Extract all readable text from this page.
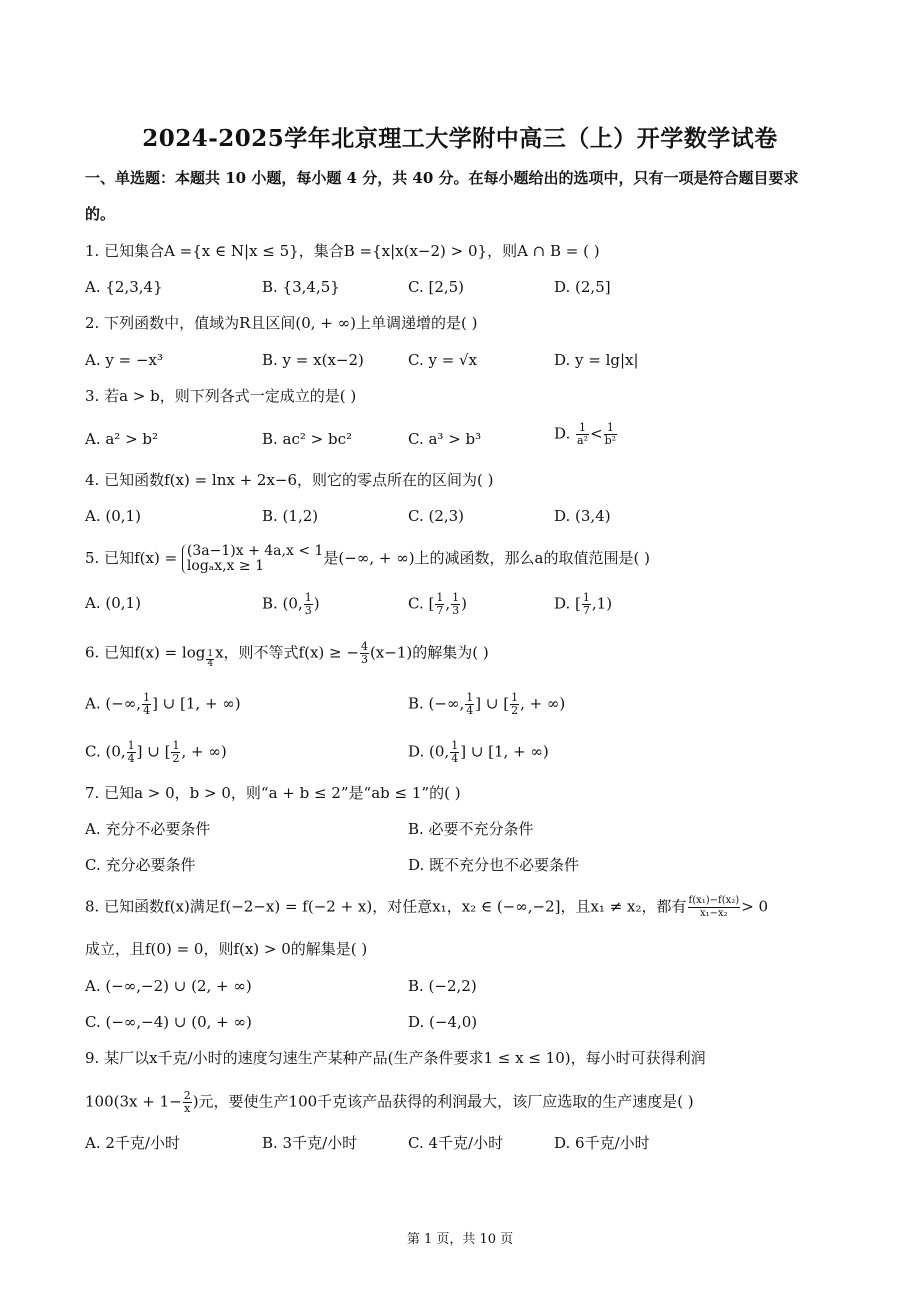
2024-2025学年北京理工大学附中高三（上）开学数学试卷
一、单选题：本题共 10 小题，每小题 4 分，共 40 分。在每小题给出的选项中，只有一项是符合题目要求
的。
1. 已知集合A ={x ∈ N|x ≤ 5}，集合B ={x|x(x−2) > 0}，则A ∩ B = ( )
A. {2,3,4}	B. {3,4,5}	C. [2,5)	D. (2,5]
2. 下列函数中，值域为R且区间(0, + ∞)上单调递增的是( )
A. y = −x³	B. y = x(x−2)	C. y = √x	D. y = lg|x|
3. 若a > b，则下列各式一定成立的是( )
A. a² > b²	B. ac² > bc²	C. a³ > b³	D. $\frac{1}{\text{a²}} < \frac{1}{\text{b²}}$
4. 已知函数f(x) = lnx + 2x−6，则它的零点所在的区间为( )
A. (0,1)	B. (1,2)	C. (2,3)	D. (3,4)
5. 已知f(x) = (3a−1)x + 4a,x < 1
logₐx,x ≥ 1	是(−∞, + ∞)上的减函数，那么a的取值范围是( )
A. (0,1)	B. (0, $\frac{1}{3}$ )	C. [ $\frac{1}{7}$ , $\frac{1}{3}$ )	D. [ $\frac{1}{7} ,1$)
6. 已知$f(x) = \log \frac{1}{4}$ x，则不等式f(x) ≥ − $\frac{4}{3} (x-1)$的解集为( )
A. (−∞, $\frac{1}{4}$ ] ∪ [1, + ∞)	B. (−∞, $\frac{1}{4}$ ] ∪ [ $\frac{1}{2}$ , + ∞)
C. (0, $\frac{1}{4}$ ] ∪ [ $\frac{1}{2}$ , + ∞)	D. (0, $\frac{1}{4}$ ] ∪ [1, + ∞)
7. 已知a > 0，b > 0，则“a + b ≤ 2”是“ab ≤ 1”的( )
A. 充分不必要条件	B. 必要不充分条件
C. 充分必要条件	D. 既不充分也不必要条件
8. 已知函数f(x)满足f(−2−x) = f(−2 + x)，对任意x₁，x₂ ∈ (−∞,−2]，且x₁ ≠ x₂，都有 $\frac{\text{f(x₁)−f(x₂)}}{\text{x₁−x₂}} > 0$
成立，且f(0) = 0，则f(x) > 0的解集是( )
A. (−∞,−2) ∪ (2, + ∞)	B. (−2,2)
C. (−∞,−4) ∪ (0, + ∞)	D. (−4,0)
9. 某厂以x千克/小时的速度匀速生产某种产品(生产条件要求1 ≤ x ≤ 10)，每小时可获得利润
$100(3x + 1- \frac{2}{x}$ )元，要使生产100千克该产品获得的利润最大，该厂应选取的生产速度是( )
A. 2千克/小时	B. 3千克/小时	C. 4千克/小时	D. 6千克/小时
第 1 页，共 10 页
